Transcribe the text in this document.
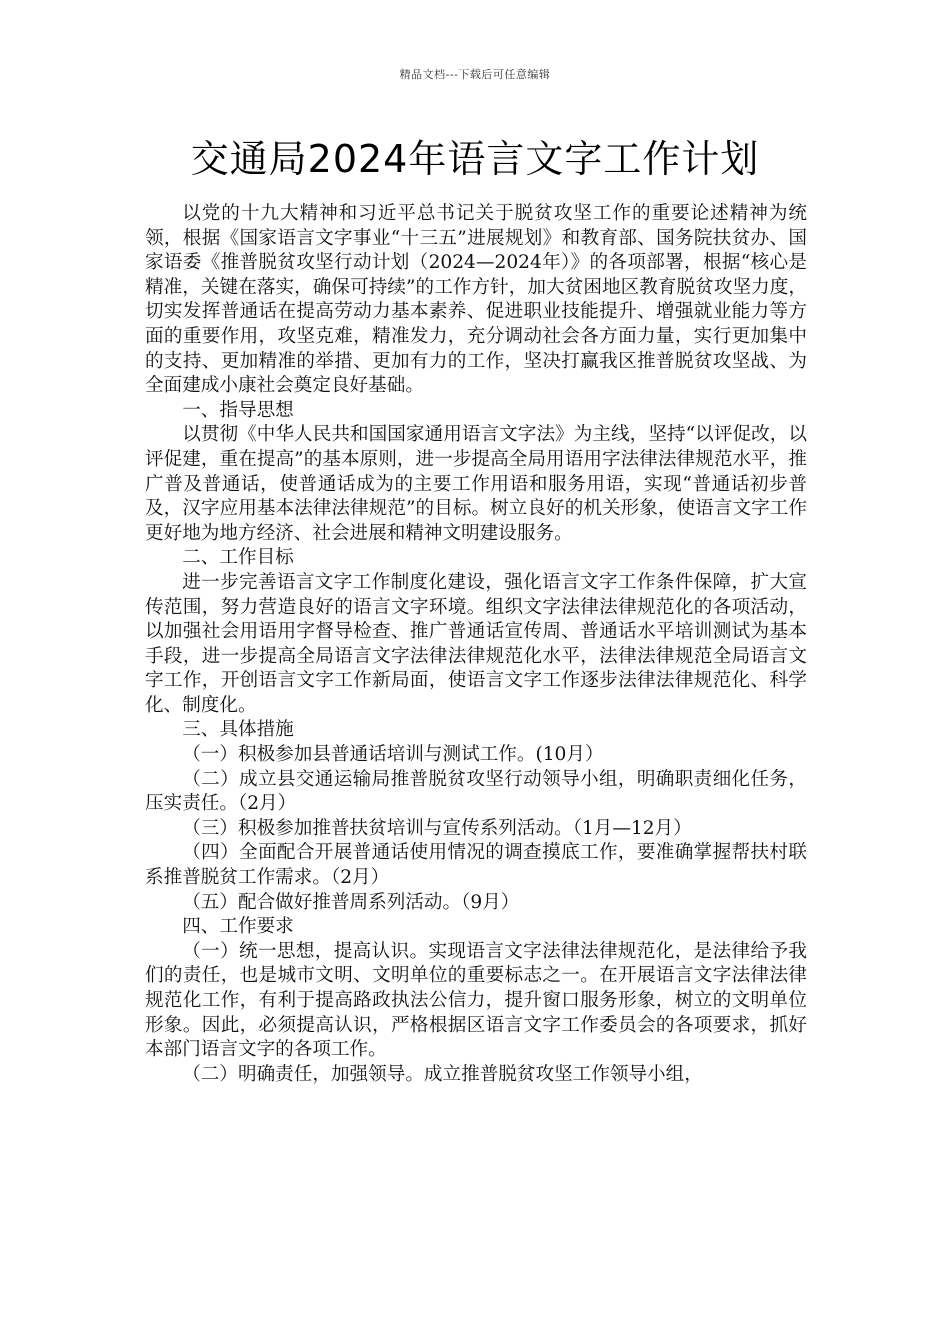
精品文档---下载后可任意编辑
交通局2024年语言文字工作计划

以党的十九大精神和习近平总书记关于脱贫攻坚工作的重要论述精神为统领，根据《国家语言文字事业“十三五”进展规划》和教育部、国务院扶贫办、国家语委《推普脱贫攻坚行动计划（2024—2024年）》的各项部署，根据“核心是精准，关键在落实，确保可持续”的工作方针，加大贫困地区教育脱贫攻坚力度，切实发挥普通话在提高劳动力基本素养、促进职业技能提升、增强就业能力等方面的重要作用，攻坚克难，精准发力，充分调动社会各方面力量，实行更加集中的支持、更加精准的举措、更加有力的工作，坚决打赢我区推普脱贫攻坚战、为全面建成小康社会奠定良好基础。

一、指导思想

以贯彻《中华人民共和国国家通用语言文字法》为主线，坚持“以评促改，以评促建，重在提高”的基本原则，进一步提高全局用语用字法律法律规范水平，推广普及普通话，使普通话成为的主要工作用语和服务用语，实现“普通话初步普及，汉字应用基本法律法律规范”的目标。树立良好的机关形象，使语言文字工作更好地为地方经济、社会进展和精神文明建设服务。

二、工作目标

进一步完善语言文字工作制度化建设，强化语言文字工作条件保障，扩大宣传范围，努力营造良好的语言文字环境。组织文字法律法律规范化的各项活动，以加强社会用语用字督导检查、推广普通话宣传周、普通话水平培训测试为基本手段，进一步提高全局语言文字法律法律规范化水平，法律法律规范全局语言文字工作，开创语言文字工作新局面，使语言文字工作逐步法律法律规范化、科学化、制度化。

三、具体措施

（一）积极参加县普通话培训与测试工作。(10月）

（二）成立县交通运输局推普脱贫攻坚行动领导小组，明确职责细化任务，压实责任。（2月）

（三）积极参加推普扶贫培训与宣传系列活动。（1月—12月）

（四）全面配合开展普通话使用情况的调查摸底工作，要准确掌握帮扶村联系推普脱贫工作需求。（2月）

（五）配合做好推普周系列活动。（9月）

四、工作要求

（一）统一思想，提高认识。实现语言文字法律法律规范化，是法律给予我们的责任，也是城市文明、文明单位的重要标志之一。在开展语言文字法律法律规范化工作，有利于提高路政执法公信力，提升窗口服务形象，树立的文明单位形象。因此，必须提高认识，严格根据区语言文字工作委员会的各项要求，抓好本部门语言文字的各项工作。

（二）明确责任，加强领导。成立推普脱贫攻坚工作领导小组，
